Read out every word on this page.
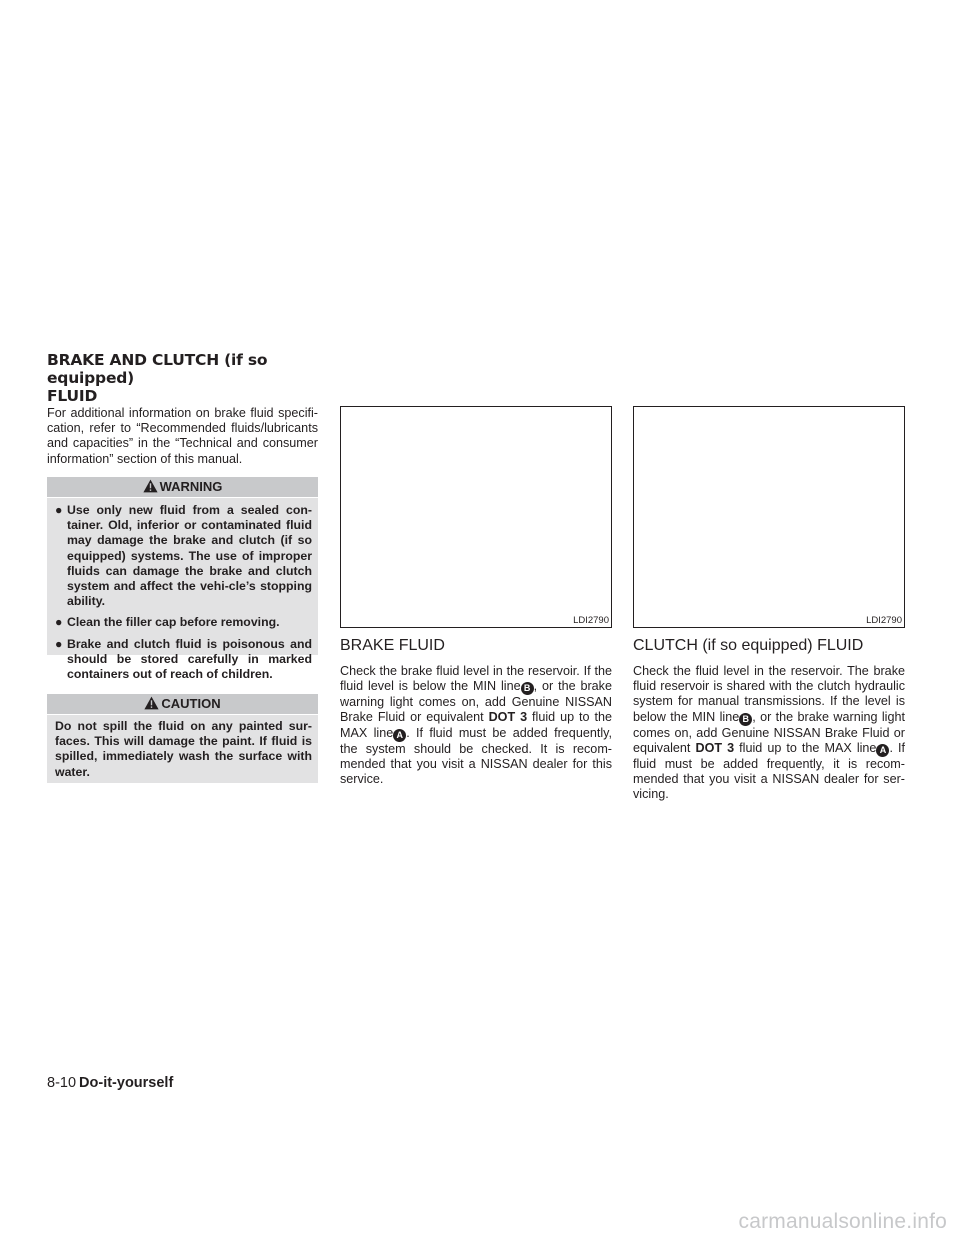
BRAKE AND CLUTCH (if so equipped)
FLUID

For additional information on brake fluid specifi-cation, refer to “Recommended fluids/lubricants and capacities” in the “Technical and consumer information” section of this manual.

WARNING
● Use only new fluid from a sealed con-tainer. Old, inferior or contaminated fluid may damage the brake and clutch (if so equipped) systems. The use of improper fluids can damage the brake and clutch system and affect the vehi-cle’s stopping ability.
● Clean the filler cap before removing.
● Brake and clutch fluid is poisonous and should be stored carefully in marked containers out of reach of children.
CAUTION
Do not spill the fluid on any painted sur-faces. This will damage the paint. If fluid is spilled, immediately wash the surface with water.
LDI2790	LDI2790
BRAKE FLUID

Check the brake fluid level in the reservoir. If the fluid level is below the MIN line B , or the brake warning light comes on, add Genuine NISSAN Brake Fluid or equivalent DOT 3 fluid up to the MAX line A . If fluid must be added frequently, the system should be checked. It is recom-mended that you visit a NISSAN dealer for this service.

CLUTCH (if so equipped) FLUID

Check the fluid level in the reservoir. The brake fluid reservoir is shared with the clutch hydraulic system for manual transmissions. If the level is below the MIN line B , or the brake warning light comes on, add Genuine NISSAN Brake Fluid or equivalent DOT 3 fluid up to the MAX line A . If fluid must be added frequently, it is recom-mended that you visit a NISSAN dealer for ser-vicing.

8-10 Do-it-yourself
carmanualsonline.info
